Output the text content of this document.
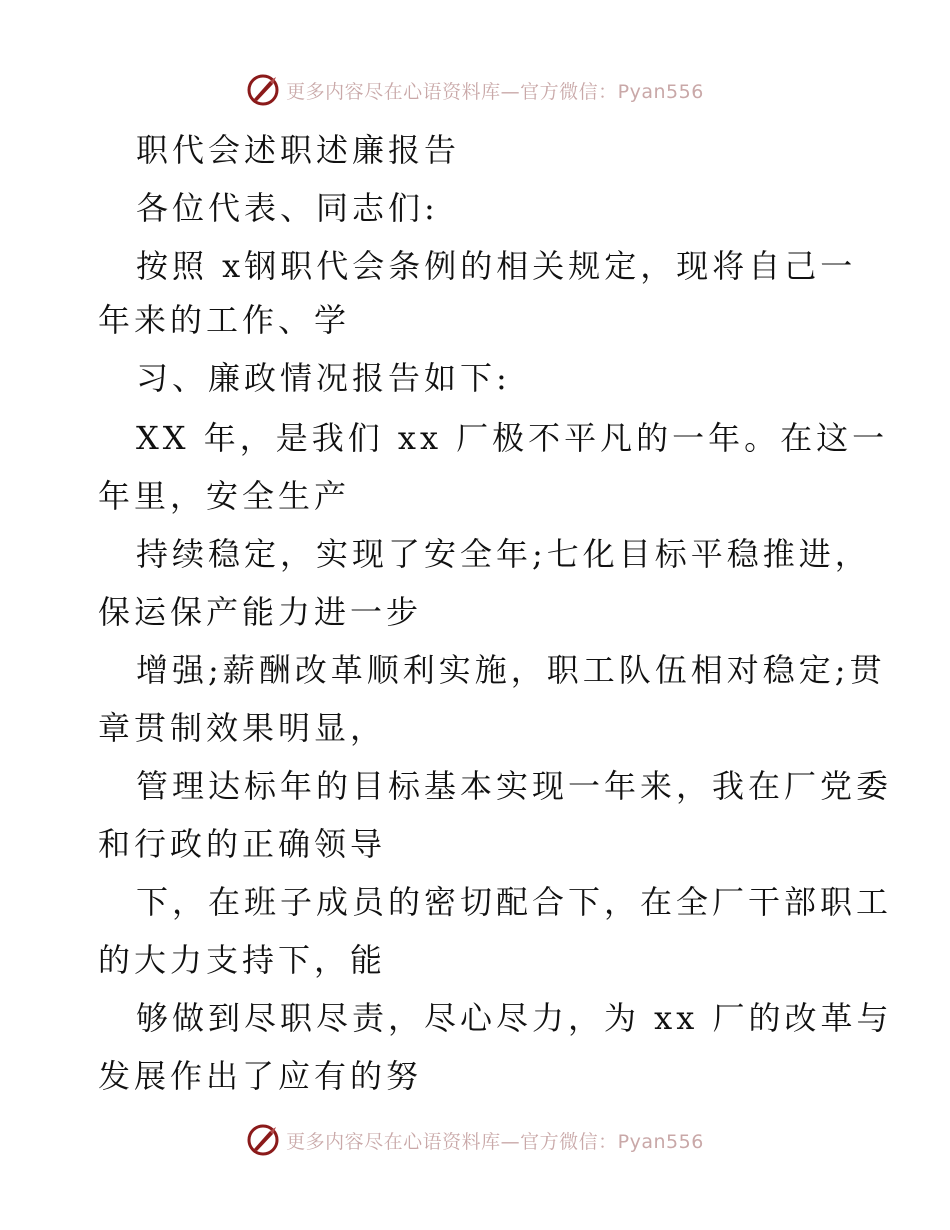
更多内容尽在心语资料库—官方微信：Pyan556
职代会述职述廉报告
各位代表、同志们:
按照 x钢职代会条例的相关规定，现将自己一
年来的工作、学
习、廉政情况报告如下:
XX 年，是我们 xx 厂极不平凡的一年。在这一
年里，安全生产
持续稳定，实现了安全年;七化目标平稳推进，
保运保产能力进一步
增强;薪酬改革顺利实施，职工队伍相对稳定;贯
章贯制效果明显，
管理达标年的目标基本实现一年来，我在厂党委
和行政的正确领导
下，在班子成员的密切配合下，在全厂干部职工
的大力支持下，能
够做到尽职尽责，尽心尽力，为 xx 厂的改革与
发展作出了应有的努
更多内容尽在心语资料库—官方微信：Pyan556
